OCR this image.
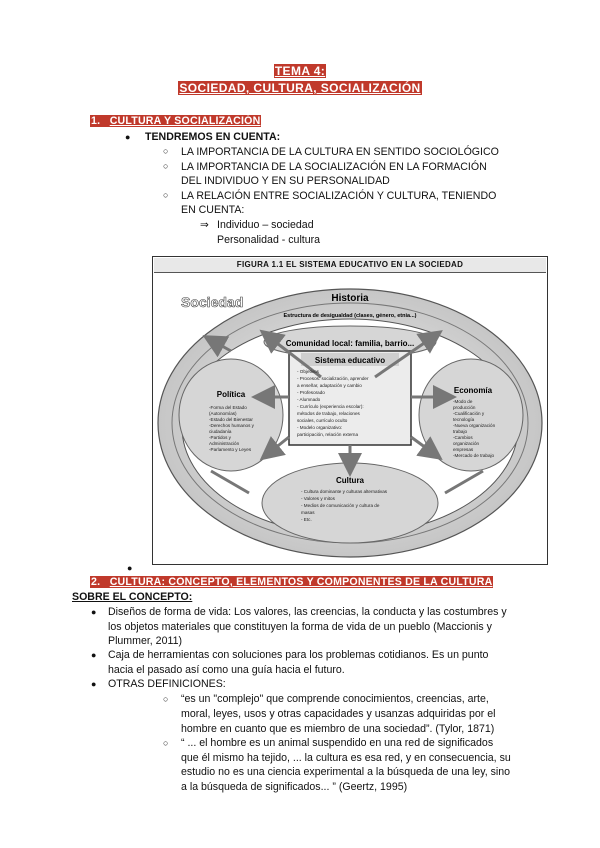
TEMA 4:
SOCIEDAD, CULTURA, SOCIALIZACIÓN
1. CULTURA Y SOCIALIZACIÓN
● TENDREMOS EN CUENTA:
○ LA IMPORTANCIA DE LA CULTURA EN SENTIDO SOCIOLÓGICO
○ LA IMPORTANCIA DE LA SOCIALIZACIÓN EN LA FORMACIÓN
DEL INDIVIDUO Y EN SU PERSONALIDAD
○ LA RELACIÓN ENTRE SOCIALIZACIÓN Y CULTURA, TENIENDO
EN CUENTA:
⇒ Individuo – sociedad
Personalidad - cultura
FIGURA 1.1 EL SISTEMA EDUCATIVO EN LA SOCIEDAD
Sociedad	Historia
Estructura de desigualdad (clases, género, etnia...)
Comunidad local: familia, barrio...
Sistema educativo
- Objetivos
- Procesos: socialización, aprender
a enseñar, adaptación y cambio
- Profesorado
- Alumnado
- Currículo (experiencia escolar):
métodos de trabajo, relaciones
sociales, currículo oculto
- Modelo organizativo:
participación, relación externa
Política
-Forma del Estado
(Autonomías)
-Estado del Bienestar
-Derechos humanos y
ciudadanía
-Partidos y
Administración
-Parlamento y Leyes
Economía
-Modo de
producción
-Cualificación y
tecnología
-Nueva organización
trabajo
-Cambios
organización
empresas
-Mercado de trabajo
Cultura
- Cultura dominante y culturas alternativas
- Valores y mitos
- Medios de comunicación y cultura de
masas
- Etc.
●
2. CULTURA: CONCEPTO, ELEMENTOS Y COMPONENTES DE LA CULTURA
SOBRE EL CONCEPTO:
● Diseños de forma de vida: Los valores, las creencias, la conducta y las costumbres y
los objetos materiales que constituyen la forma de vida de un pueblo (Maccionis y
Plummer, 2011)
● Caja de herramientas con soluciones para los problemas cotidianos. Es un punto
hacia el pasado así como una guía hacia el futuro.
● OTRAS DEFINICIONES:
○ “es un "complejo" que comprende conocimientos, creencias, arte,
moral, leyes, usos y otras capacidades y usanzas adquiridas por el
hombre en cuanto que es miembro de una sociedad”. (Tylor, 1871)
○ “ ... el hombre es un animal suspendido en una red de significados
que él mismo ha tejido, ... la cultura es esa red, y en consecuencia, su
estudio no es una ciencia experimental a la búsqueda de una ley, sino
a la búsqueda de significados... ” (Geertz, 1995)
